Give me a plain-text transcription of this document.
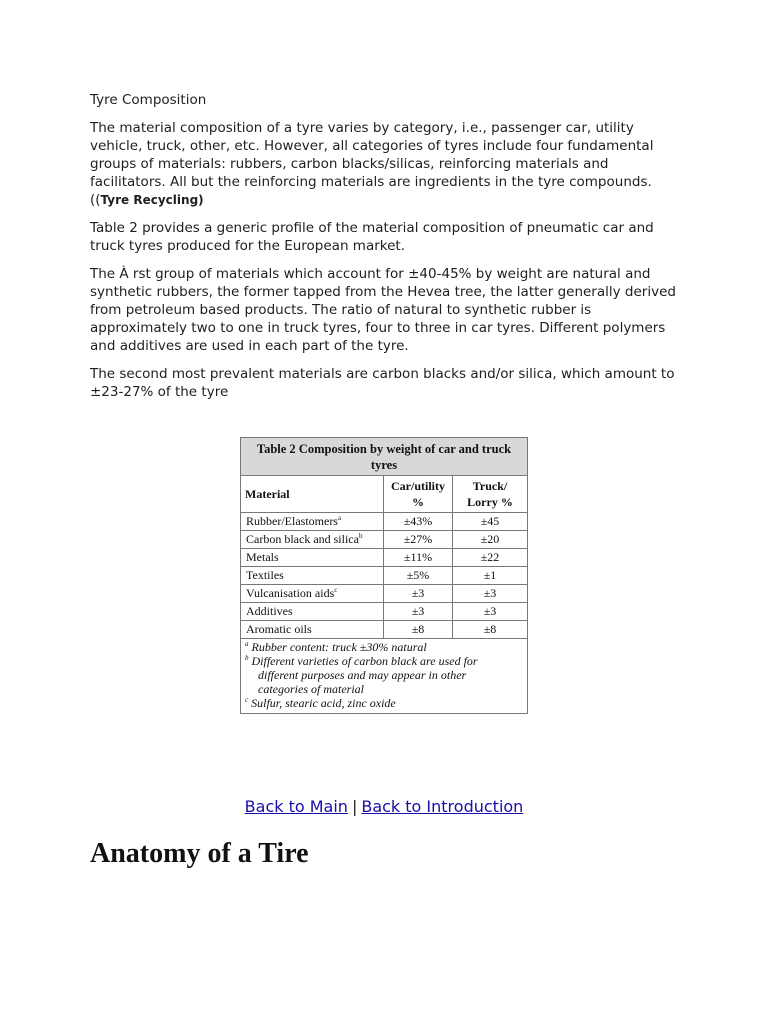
Tyre Composition

The material composition of a tyre varies by category, i.e., passenger car, utility vehicle, truck, other, etc. However, all categories of tyres include four fundamental groups of materials: rubbers, carbon blacks/silicas, reinforcing materials and facilitators. All but the reinforcing materials are ingredients in the tyre compounds. ((Tyre Recycling)

Table 2 provides a generic profile of the material composition of pneumatic car and truck tyres produced for the European market.

The À rst group of materials which account for ±40-45% by weight are natural and synthetic rubbers, the former tapped from the Hevea tree, the latter generally derived from petroleum based products. The ratio of natural to synthetic rubber is approximately two to one in truck tyres, four to three in car tyres. Different polymers and additives are used in each part of the tyre.

The second most prevalent materials are carbon blacks and/or silica, which amount to ±23-27% of the tyre

Table 2 Composition by weight of car and truck tyres		
Material	Car/utility %	Truck/ Lorry %
Rubber/Elastomers$^a$	±43%	±45
Carbon black and silica$^b$	±27%	±20
Metals	±11%	±22
Textiles	±5%	±1
Vulcanisation aids$^c$	±3	±3
Additives	±3	±3
Aromatic oils	±8	±8

$^a$ Rubber content: truck ±30% natural
$^b$ Different varieties of carbon black are used for
different purposes and may appear in other
categories of material
$^c$ Sulfur, stearic acid, zinc oxide		
Back to Main | Back to Introduction
Anatomy of a Tire
